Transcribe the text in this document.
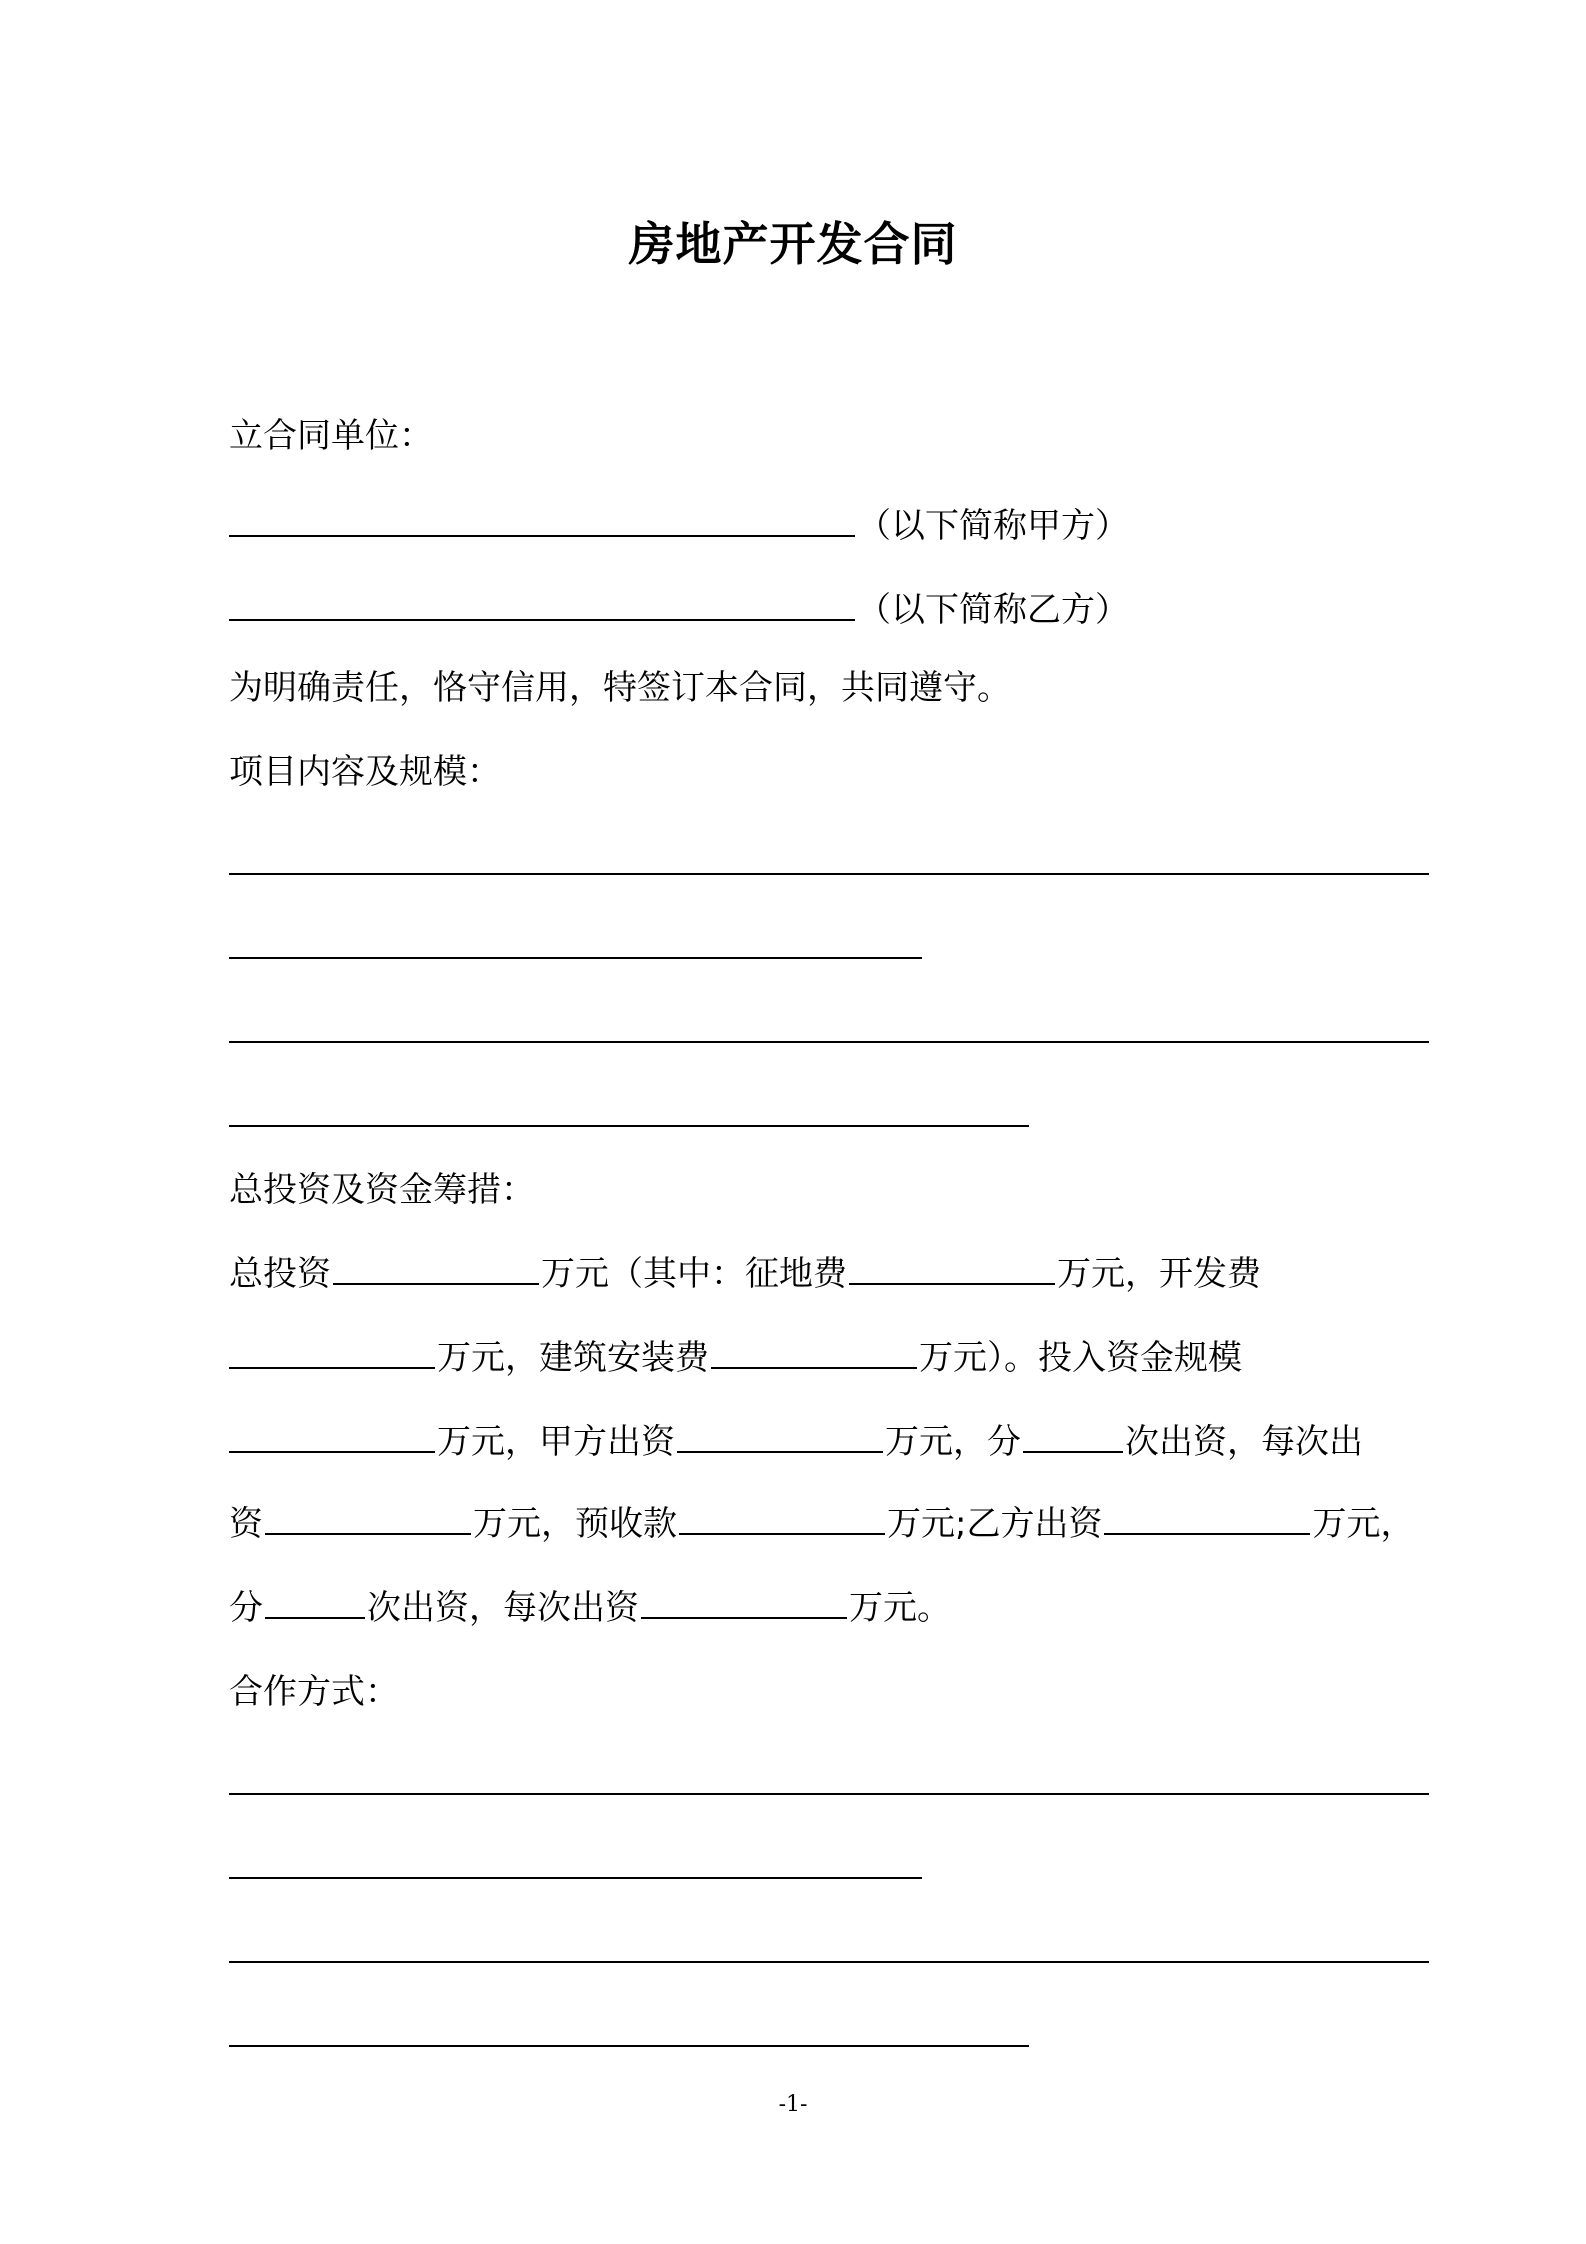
房地产开发合同
立合同单位：
（以下简称甲方）
（以下简称乙方）
为明确责任，恪守信用，特签订本合同，共同遵守。
项目内容及规模：
总投资及资金筹措：
总投资	万元（其中：征地费	万元，开发费
万元，建筑安装费	万元）。投入资金规模
万元，甲方出资	万元，分	次出资，每次出
资	万元，预收款	万元;乙方出资	万元，
分	次出资，每次出资	万元。
合作方式：
-1-
